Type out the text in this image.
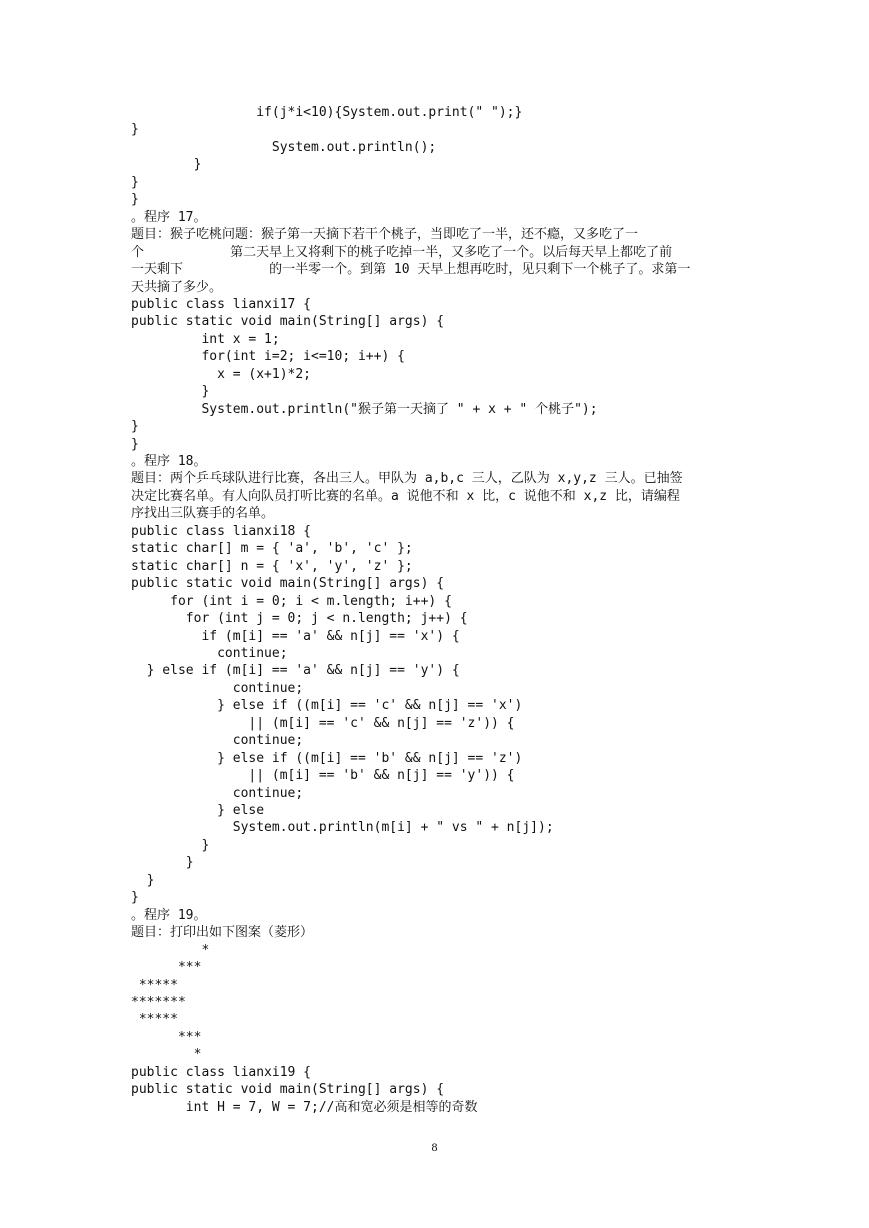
if(j*i<10){System.out.print(" ");}
}
System.out.println();
}
}
}
。程序 17。
题目：猴子吃桃问题：猴子第一天摘下若干个桃子，当即吃了一半，还不瘾，又多吃了一
个           第二天早上又将剩下的桃子吃掉一半，又多吃了一个。以后每天早上都吃了前
一天剩下           的一半零一个。到第 10 天早上想再吃时，见只剩下一个桃子了。求第一
天共摘了多少。
public class lianxi17 {
public static void main(String[] args) {
int x = 1;
for(int i=2; i<=10; i++) {
x = (x+1)*2;
}
System.out.println("猴子第一天摘了 " + x + " 个桃子");
}
}
。程序 18。
题目：两个乒乓球队进行比赛，各出三人。甲队为 a,b,c 三人，乙队为 x,y,z 三人。已抽签
决定比赛名单。有人向队员打听比赛的名单。a 说他不和 x 比，c 说他不和 x,z 比，请编程
序找出三队赛手的名单。
public class lianxi18 {
static char[] m = { 'a', 'b', 'c' };
static char[] n = { 'x', 'y', 'z' };
public static void main(String[] args) {
for (int i = 0; i < m.length; i++) {
for (int j = 0; j < n.length; j++) {
if (m[i] == 'a' && n[j] == 'x') {
continue;
} else if (m[i] == 'a' && n[j] == 'y') {
continue;
} else if ((m[i] == 'c' && n[j] == 'x')
|| (m[i] == 'c' && n[j] == 'z')) {
continue;
} else if ((m[i] == 'b' && n[j] == 'z')
|| (m[i] == 'b' && n[j] == 'y')) {
continue;
} else
System.out.println(m[i] + " vs " + n[j]);
}
}
}
}
。程序 19。
题目：打印出如下图案（菱形）
*
***
*****
*******
*****
***
*
public class lianxi19 {
public static void main(String[] args) {
int H = 7, W = 7;//高和宽必须是相等的奇数
8
